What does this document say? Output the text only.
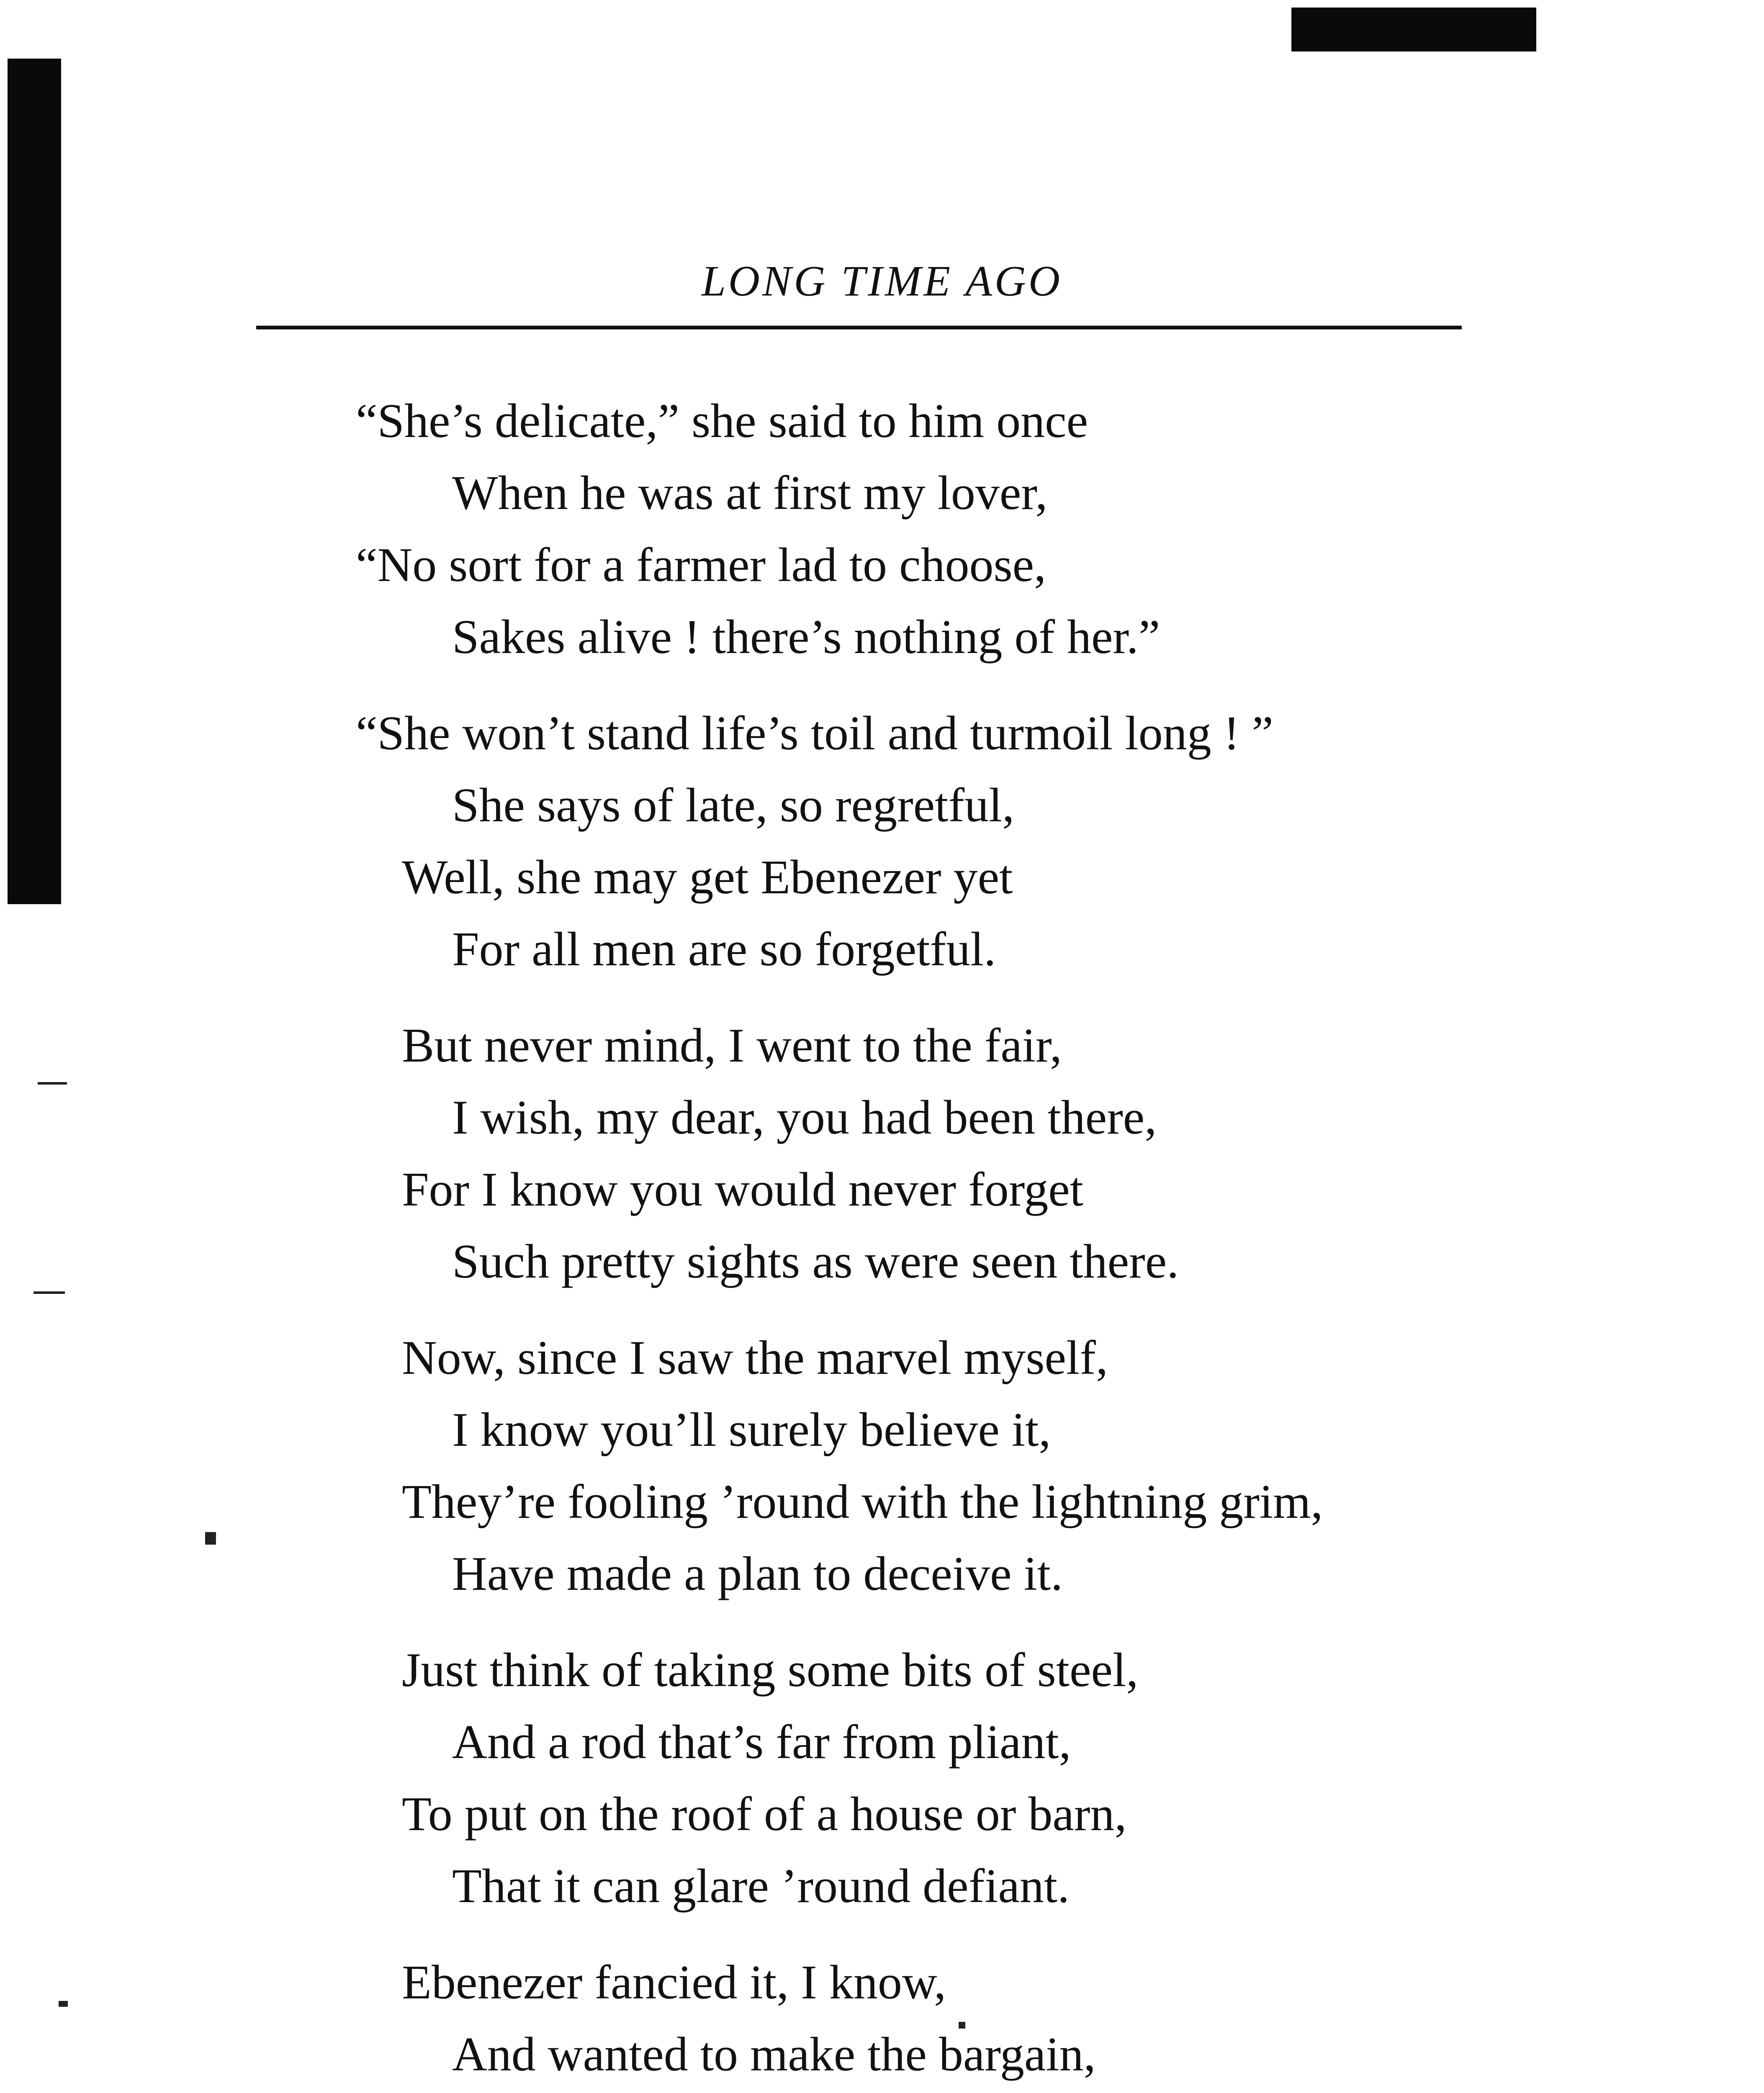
LONG TIME AGO
“She’s delicate,” she said to him once
When he was at first my lover,
“No sort for a farmer lad to choose,
Sakes alive ! there’s nothing of her.”
“She won’t stand life’s toil and turmoil long ! ”
She says of late, so regretful,
Well, she may get Ebenezer yet
For all men are so forgetful.
But never mind, I went to the fair,
I wish, my dear, you had been there,
For I know you would never forget
Such pretty sights as were seen there.
Now, since I saw the marvel myself,
I know you’ll surely believe it,
They’re fooling ’round with the lightning grim,
Have made a plan to deceive it.
Just think of taking some bits of steel,
And a rod that’s far from pliant,
To put on the roof of a house or barn,
That it can glare ’round defiant.
Ebenezer fancied it, I know,
And wanted to make the bargain,
